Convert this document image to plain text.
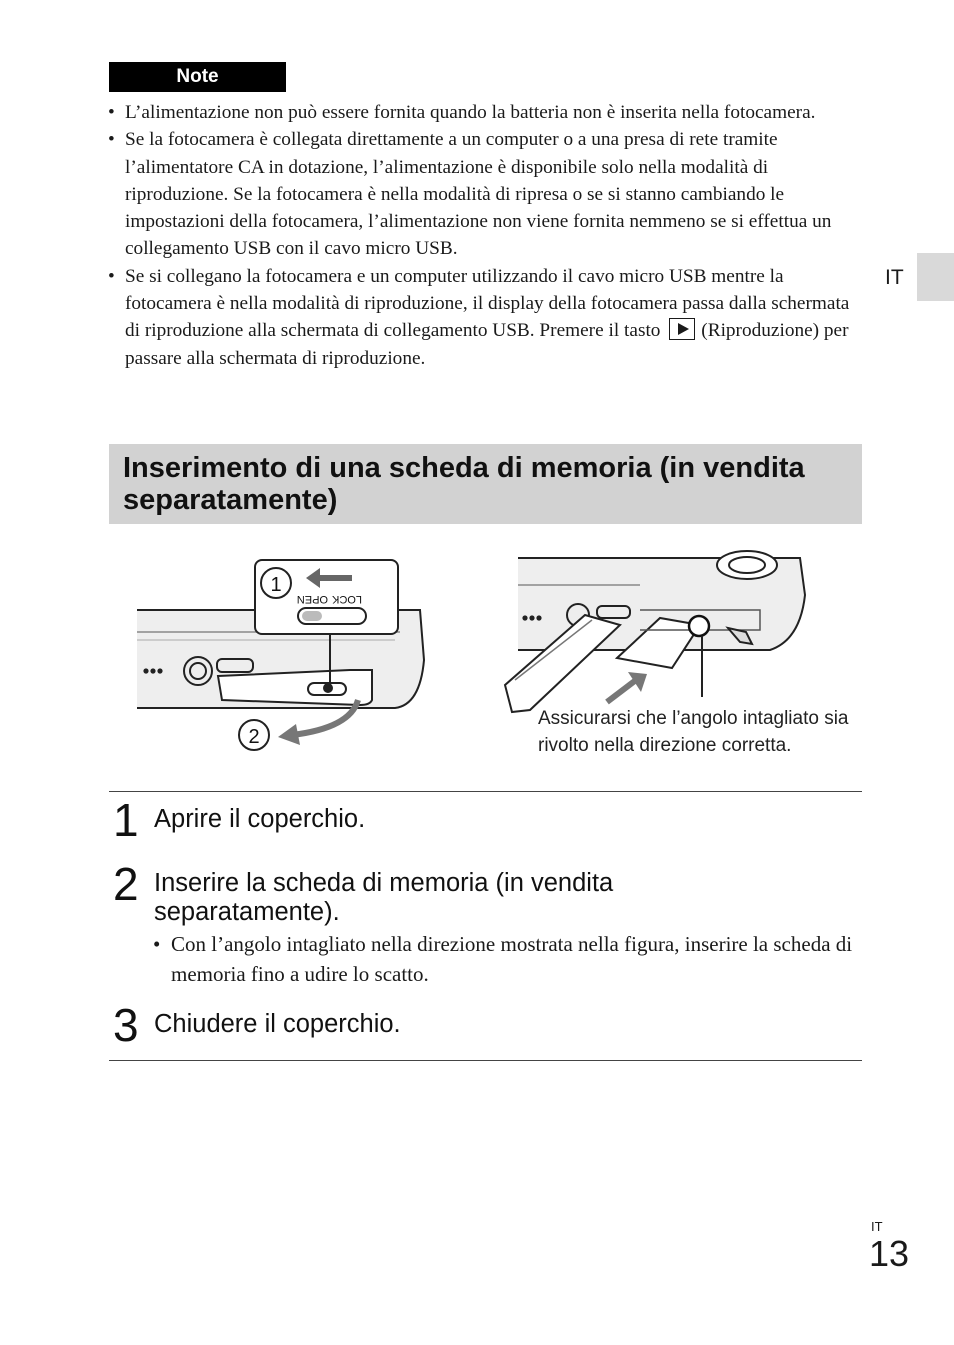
Note
• L’alimentazione non può essere fornita quando la batteria non è inserita nella fotocamera.
• Se la fotocamera è collegata direttamente a un computer o a una presa di rete tramite l’alimentatore CA in dotazione, l’alimentazione è disponibile solo nella modalità di riproduzione. Se la fotocamera è nella modalità di ripresa o se si stanno cambiando le impostazioni della fotocamera, l’alimentazione non viene fornita nemmeno se si effettua un collegamento USB con il cavo micro USB.
• Se si collegano la fotocamera e un computer utilizzando il cavo micro USB mentre la fotocamera è nella modalità di riproduzione, il display della fotocamera passa dalla schermata di riproduzione alla schermata di collegamento USB. Premere il tasto (Riproduzione) per passare alla schermata di riproduzione.
IT
Inserimento di una scheda di memoria (in vendita separatamente)
1
LOCK
OPEN
2
Assicurarsi che l’angolo intagliato sia rivolto nella direzione corretta.
1 Aprire il coperchio.
2 Inserire la scheda di memoria (in vendita separatamente).
• Con l’angolo intagliato nella direzione mostrata nella figura, inserire la scheda di memoria fino a udire lo scatto.
3 Chiudere il coperchio.
IT
13
